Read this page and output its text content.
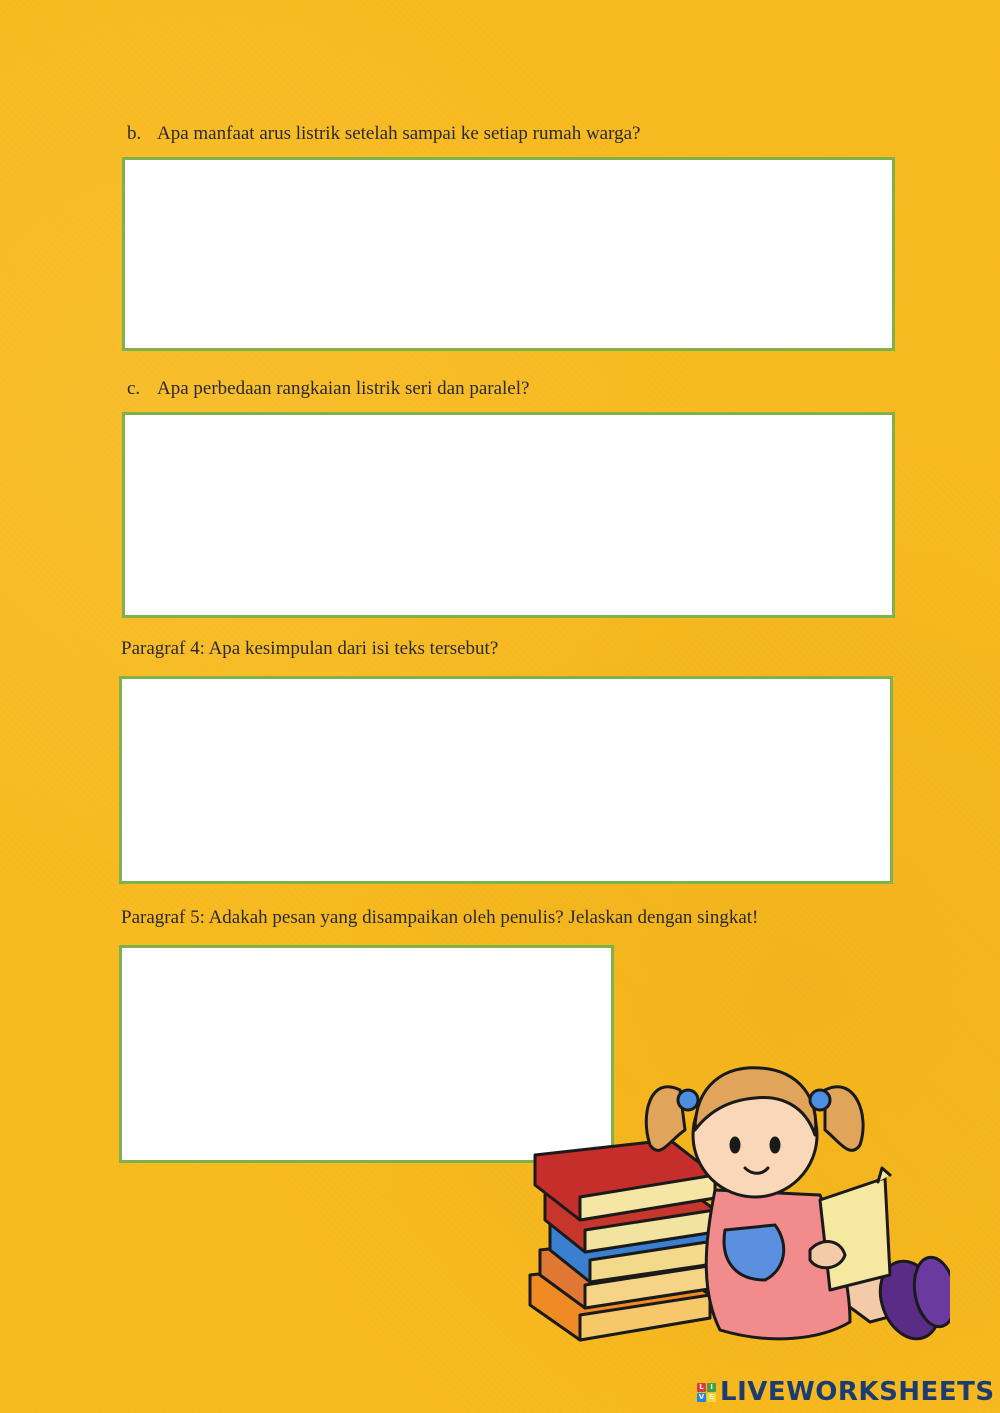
b. Apa manfaat arus listrik setelah sampai ke setiap rumah warga?
c. Apa perbedaan rangkaian listrik seri dan paralel?
Paragraf 4: Apa kesimpulan dari isi teks tersebut?
Paragraf 5: Adakah pesan yang disampaikan oleh penulis? Jelaskan dengan singkat!
L I
V E LIVEWORKSHEETS
